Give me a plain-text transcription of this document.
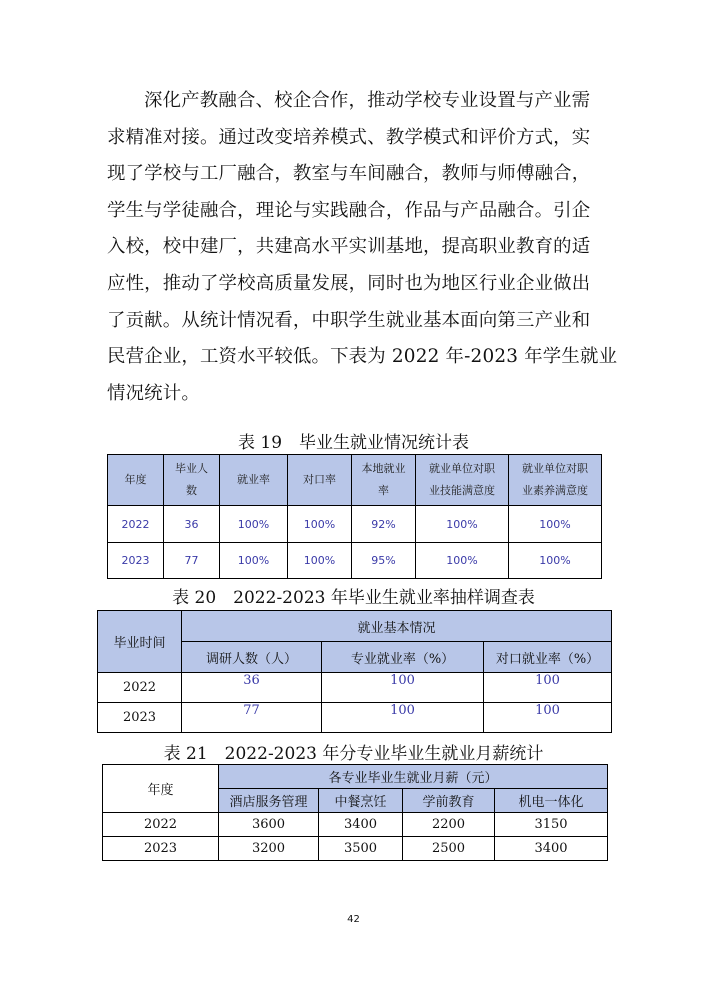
深化产教融合、校企合作，推动学校专业设置与产业需
求精准对接。通过改变培养模式、教学模式和评价方式，实
现了学校与工厂融合，教室与车间融合，教师与师傅融合，
学生与学徒融合，理论与实践融合，作品与产品融合。引企
入校，校中建厂，共建高水平实训基地，提高职业教育的适
应性，推动了学校高质量发展，同时也为地区行业企业做出
了贡献。从统计情况看，中职学生就业基本面向第三产业和
民营企业，工资水平较低。下表为 2022 年-2023 年学生就业
情况统计。
表 19　毕业生就业情况统计表
年度	毕业人数	就业率	对口率	本地就业率	就业单位对职业技能满意度	就业单位对职业素养满意度
2022	36	100%	100%	92%	100%	100%
2023	77	100%	100%	95%	100%	100%
表 20　2022-2023 年毕业生就业率抽样调查表
毕业时间	就业基本情况		
	调研人数（人）	专业就业率（%）	对口就业率（%）
2022	36	100	100
2023	77	100	100
表 21　2022-2023 年分专业毕业生就业月薪统计
年度	各专业毕业生就业月薪（元）			
	酒店服务管理	中餐烹饪	学前教育	机电一体化
2022	3600	3400	2200	3150
2023	3200	3500	2500	3400
42
